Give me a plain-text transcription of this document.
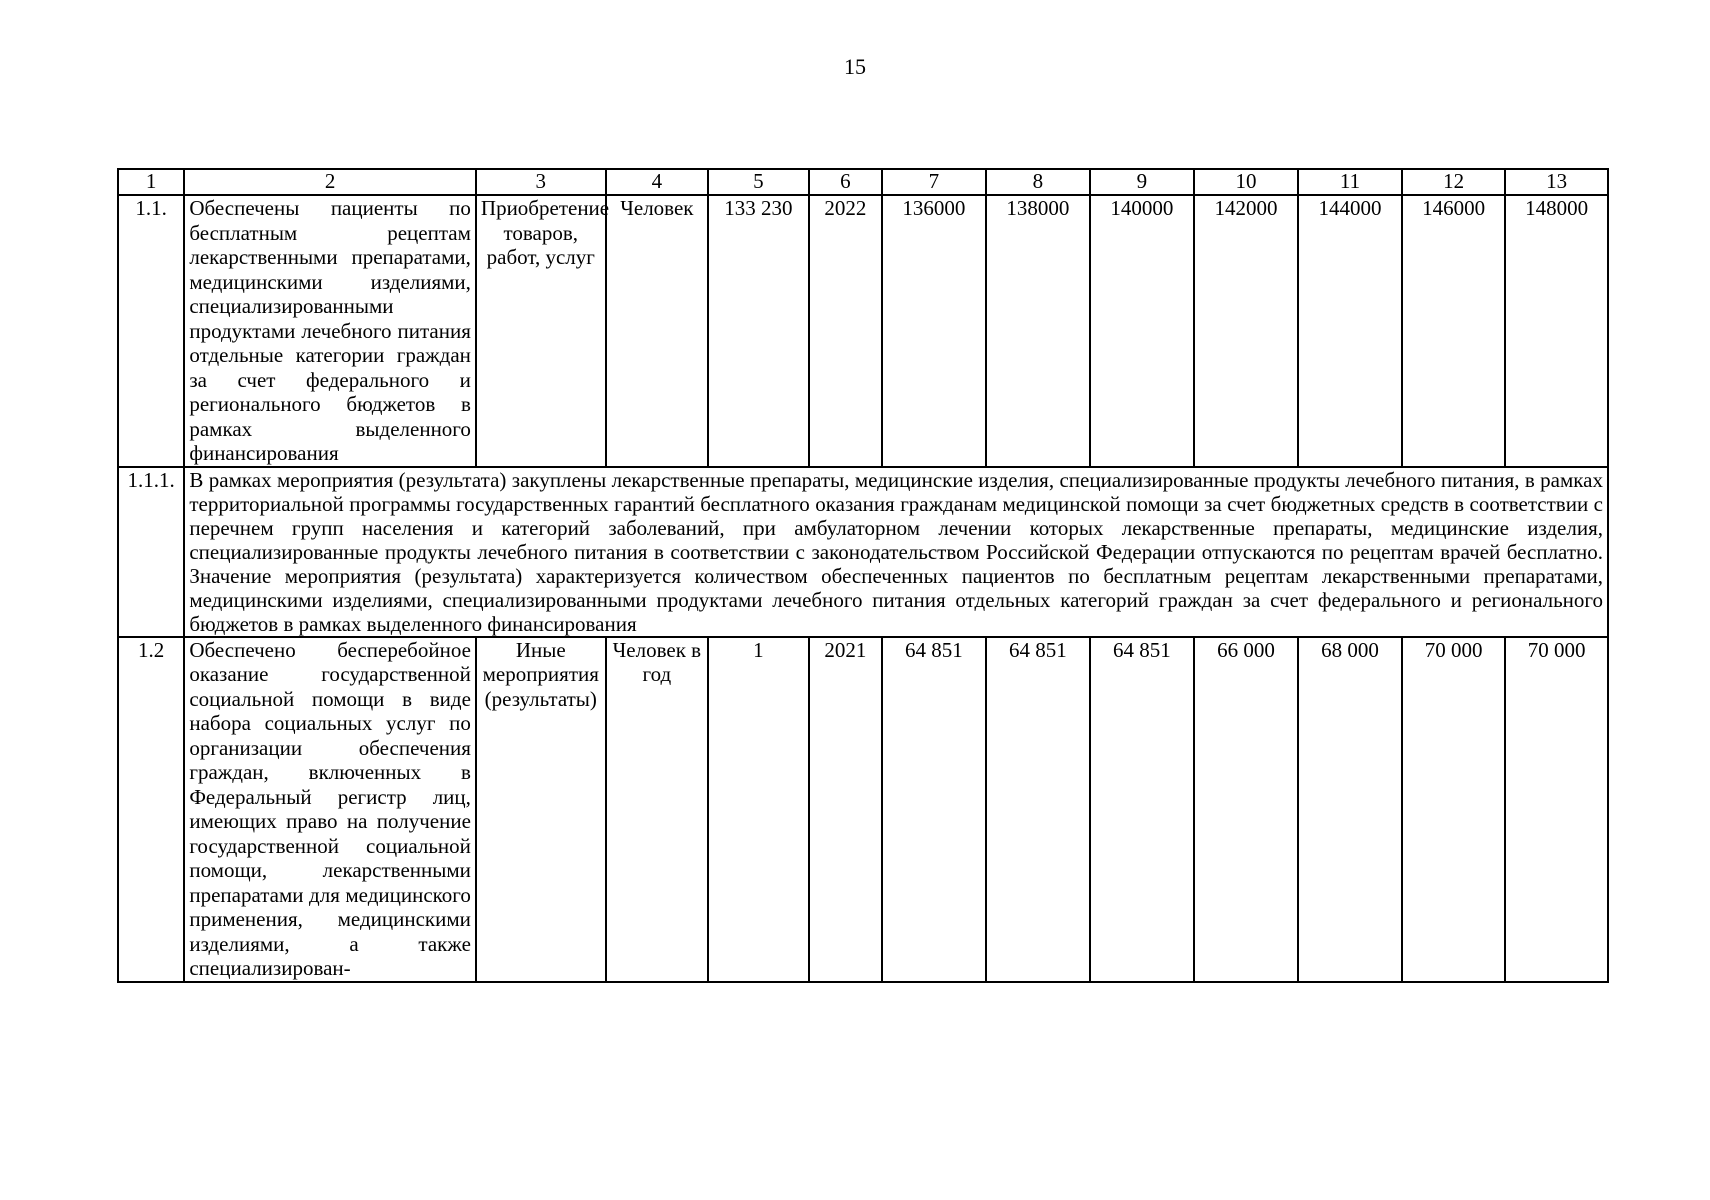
15
1	2	3	4	5	6	7	8	9	10	11	12	13
1.1.	Обеспечены пациенты по бесплатным рецептам лекарственными препаратами, медицинскими изделиями, специализированными продуктами лечебного питания отдельные категории граждан за счет федерального и регионального бюджетов в рамках выделенного финансирования	Приобретение товаров, работ, услуг	Человек	133 230	2022	136000	138000	140000	142000	144000	146000	148000
1.1.1.	В рамках мероприятия (результата) закуплены лекарственные препараты, медицинские изделия, специализированные продукты лечебного питания, в рамках территориальной программы государственных гарантий бесплатного оказания гражданам медицинской помощи за счет бюджетных средств в соответствии с перечнем групп населения и категорий заболеваний, при амбулаторном лечении которых лекарственные препараты, медицинские изделия, специализированные продукты лечебного питания в соответствии с законодательством Российской Федерации отпускаются по рецептам врачей бесплатно. Значение мероприятия (результата) характеризуется количеством обеспеченных пациентов по бесплатным рецептам лекарственными препаратами, медицинскими изделиями, специализированными продуктами лечебного питания отдельных категорий граждан за счет федерального и регионального бюджетов в рамках выделенного финансирования											
1.2	Обеспечено бесперебойное оказание государственной социальной помощи в виде набора социальных услуг по организации обеспечения граждан, включенных в Федеральный регистр лиц, имеющих право на получение государственной социальной помощи, лекарственными препаратами для медицинского применения, медицинскими изделиями, а также специализирован-	Иные мероприятия (результаты)	Человек в год	1	2021	64 851	64 851	64 851	66 000	68 000	70 000	70 000
